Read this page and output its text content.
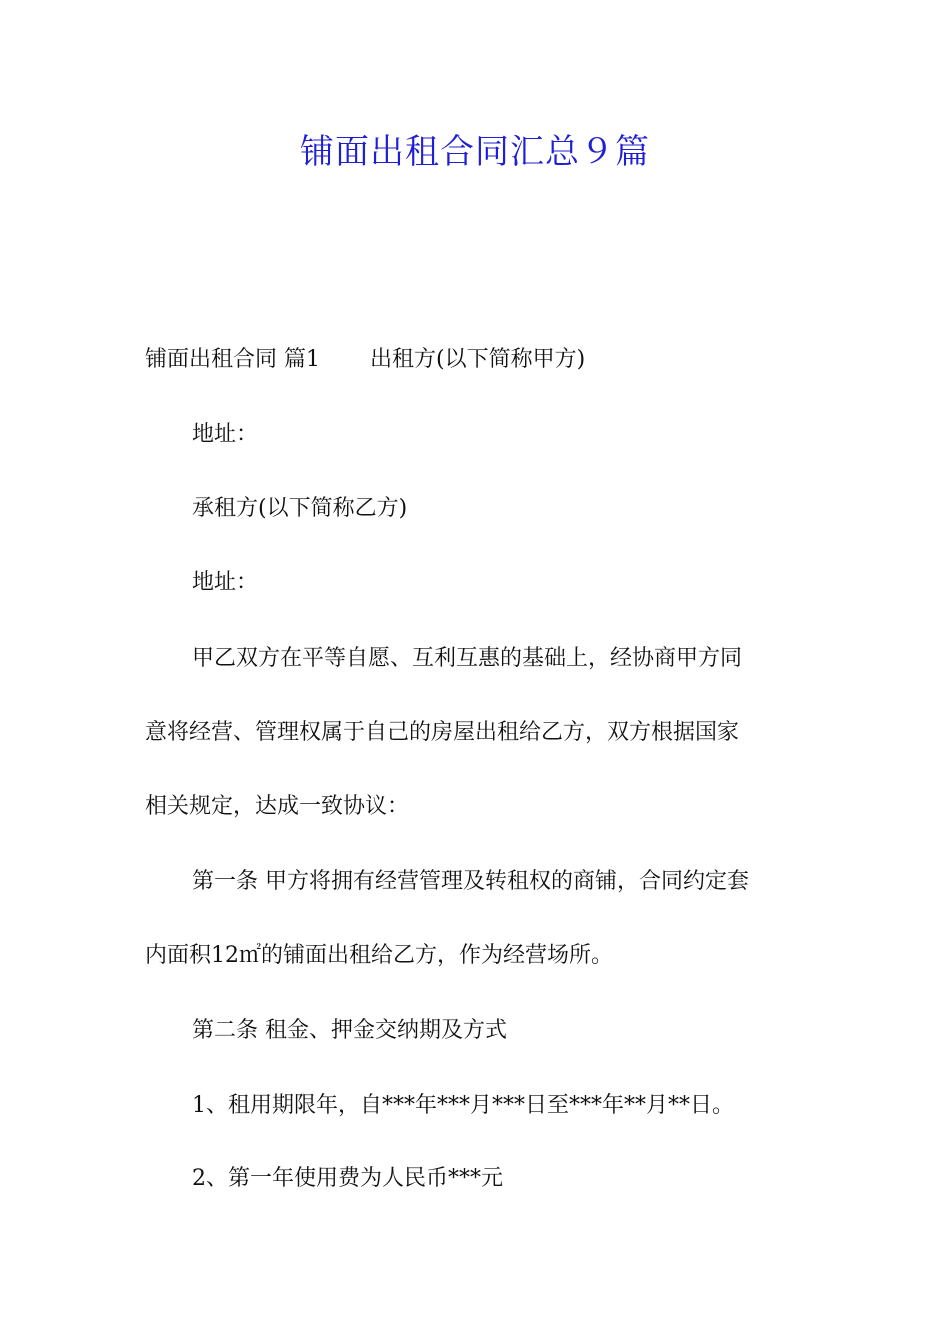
铺面出租合同汇总９篇
铺面出租合同 篇1 出租方(以下简称甲方)
地址：
承租方(以下简称乙方)
地址：
甲乙双方在平等自愿、互利互惠的基础上，经协商甲方同
意将经营、管理权属于自己的房屋出租给乙方，双方根据国家
相关规定，达成一致协议：
第一条 甲方将拥有经营管理及转租权的商铺，合同约定套
内面积12㎡的铺面出租给乙方，作为经营场所。
第二条 租金、押金交纳期及方式
1、租用期限年，自***年***月***日至***年**月**日。
2、第一年使用费为人民币***元
